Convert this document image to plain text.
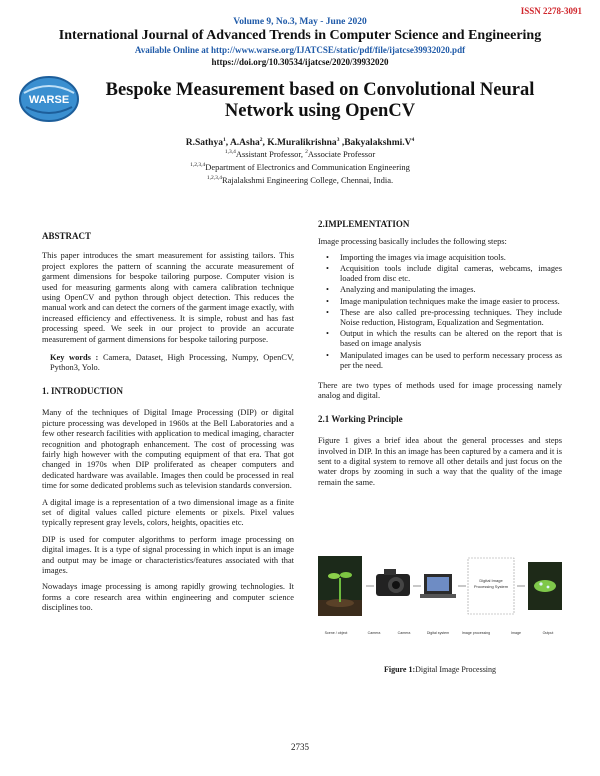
ISSN 2278-3091
Volume 9, No.3, May - June 2020
International Journal of Advanced Trends in Computer Science and Engineering
Available Online at http://www.warse.org/IJATCSE/static/pdf/file/ijatcse39932020.pdf
https://doi.org/10.30534/ijatcse/2020/39932020
WARSE	Bespoke Measurement based on Convolutional Neural
Network using OpenCV
R.Sathya$^1$, A.Asha$^2$, K.Muralikrishna$^3$ $,Bakyalakshmi.V^4$
$^{1,3,4}$Assistant Professor, $^2$Associate Professor
$^{1,2,3,4}$Department of Electronics and Communication Engineering
$^{1,2,3,4}$Rajalakshmi Engineering College, Chennai, India.
ABSTRACT
This paper introduces the smart measurement for assisting tailors. This project explores the pattern of scanning the accurate measurement of garment dimensions for bespoke tailoring purpose. Computer vision is used for measuring garments along with camera calibration technique using OpenCV and python through object detection. This reduces the manual work and can detect the corners of the garment image exactly, with increased efficiency and effectiveness. It is simple, robust and has fast processing speed. We seek in our project to provide an accurate measurement of garment dimensions for bespoke tailoring purpose.
Key words : Camera, Dataset, High Processing, Numpy, OpenCV, Python3, Yolo.
1. INTRODUCTION
Many of the techniques of Digital Image Processing (DIP) or digital picture processing was developed in 1960s at the Bell Laboratories and a few other research facilities with application to medical imaging, character recognition and photograph enhancement. The cost of processing was fairly high however with the computing equipment of that era. That got changed in 1970s when DIP proliferated as cheaper computers and dedicated hardware was available. Images then could be processed in real time for some dedicated problems such as television standards conversion.
A digital image is a representation of a two dimensional image as a finite set of digital values called picture elements or pixels. Pixel values typically represent gray levels, colors, heights, opacities etc.
DIP is used for computer algorithms to perform image processing on digital images. It is a type of signal processing in which input is an image and output may be image or characteristics/features associated with that images.
Nowadays image processing is among rapidly growing technologies. It forms a core research area within engineering and computer science disciplines too.
2.IMPLEMENTATION
Image processing basically includes the following steps:
• Importing the images via image acquisition tools.
• Acquisition tools include digital cameras, webcams, images loaded from disc etc.
• Analyzing and manipulating the images.
• Image manipulation techniques make the image easier to process.
• These are also called pre-processing techniques. They include Noise reduction, Histogram, Equalization and Segmentation.
• Output in which the results can be altered on the report that is based on image analysis
• Manipulated images can be used to perform necessary process as per the need.
There are two types of methods used for image processing namely analog and digital.
2.1 Working Principle
Figure 1 gives a brief idea about the general processes and steps involved in DIP. In this an image has been captured by a camera and it is sent to a digital system to remove all other details and just focus on the water drops by zooming in such a way that the quality of the image remain the same.
Digital Image
Processing System
Scene / object	Camera	Camera	Digital system	Image processing	Image	Output
Figure 1:Digital Image Processing
2735
